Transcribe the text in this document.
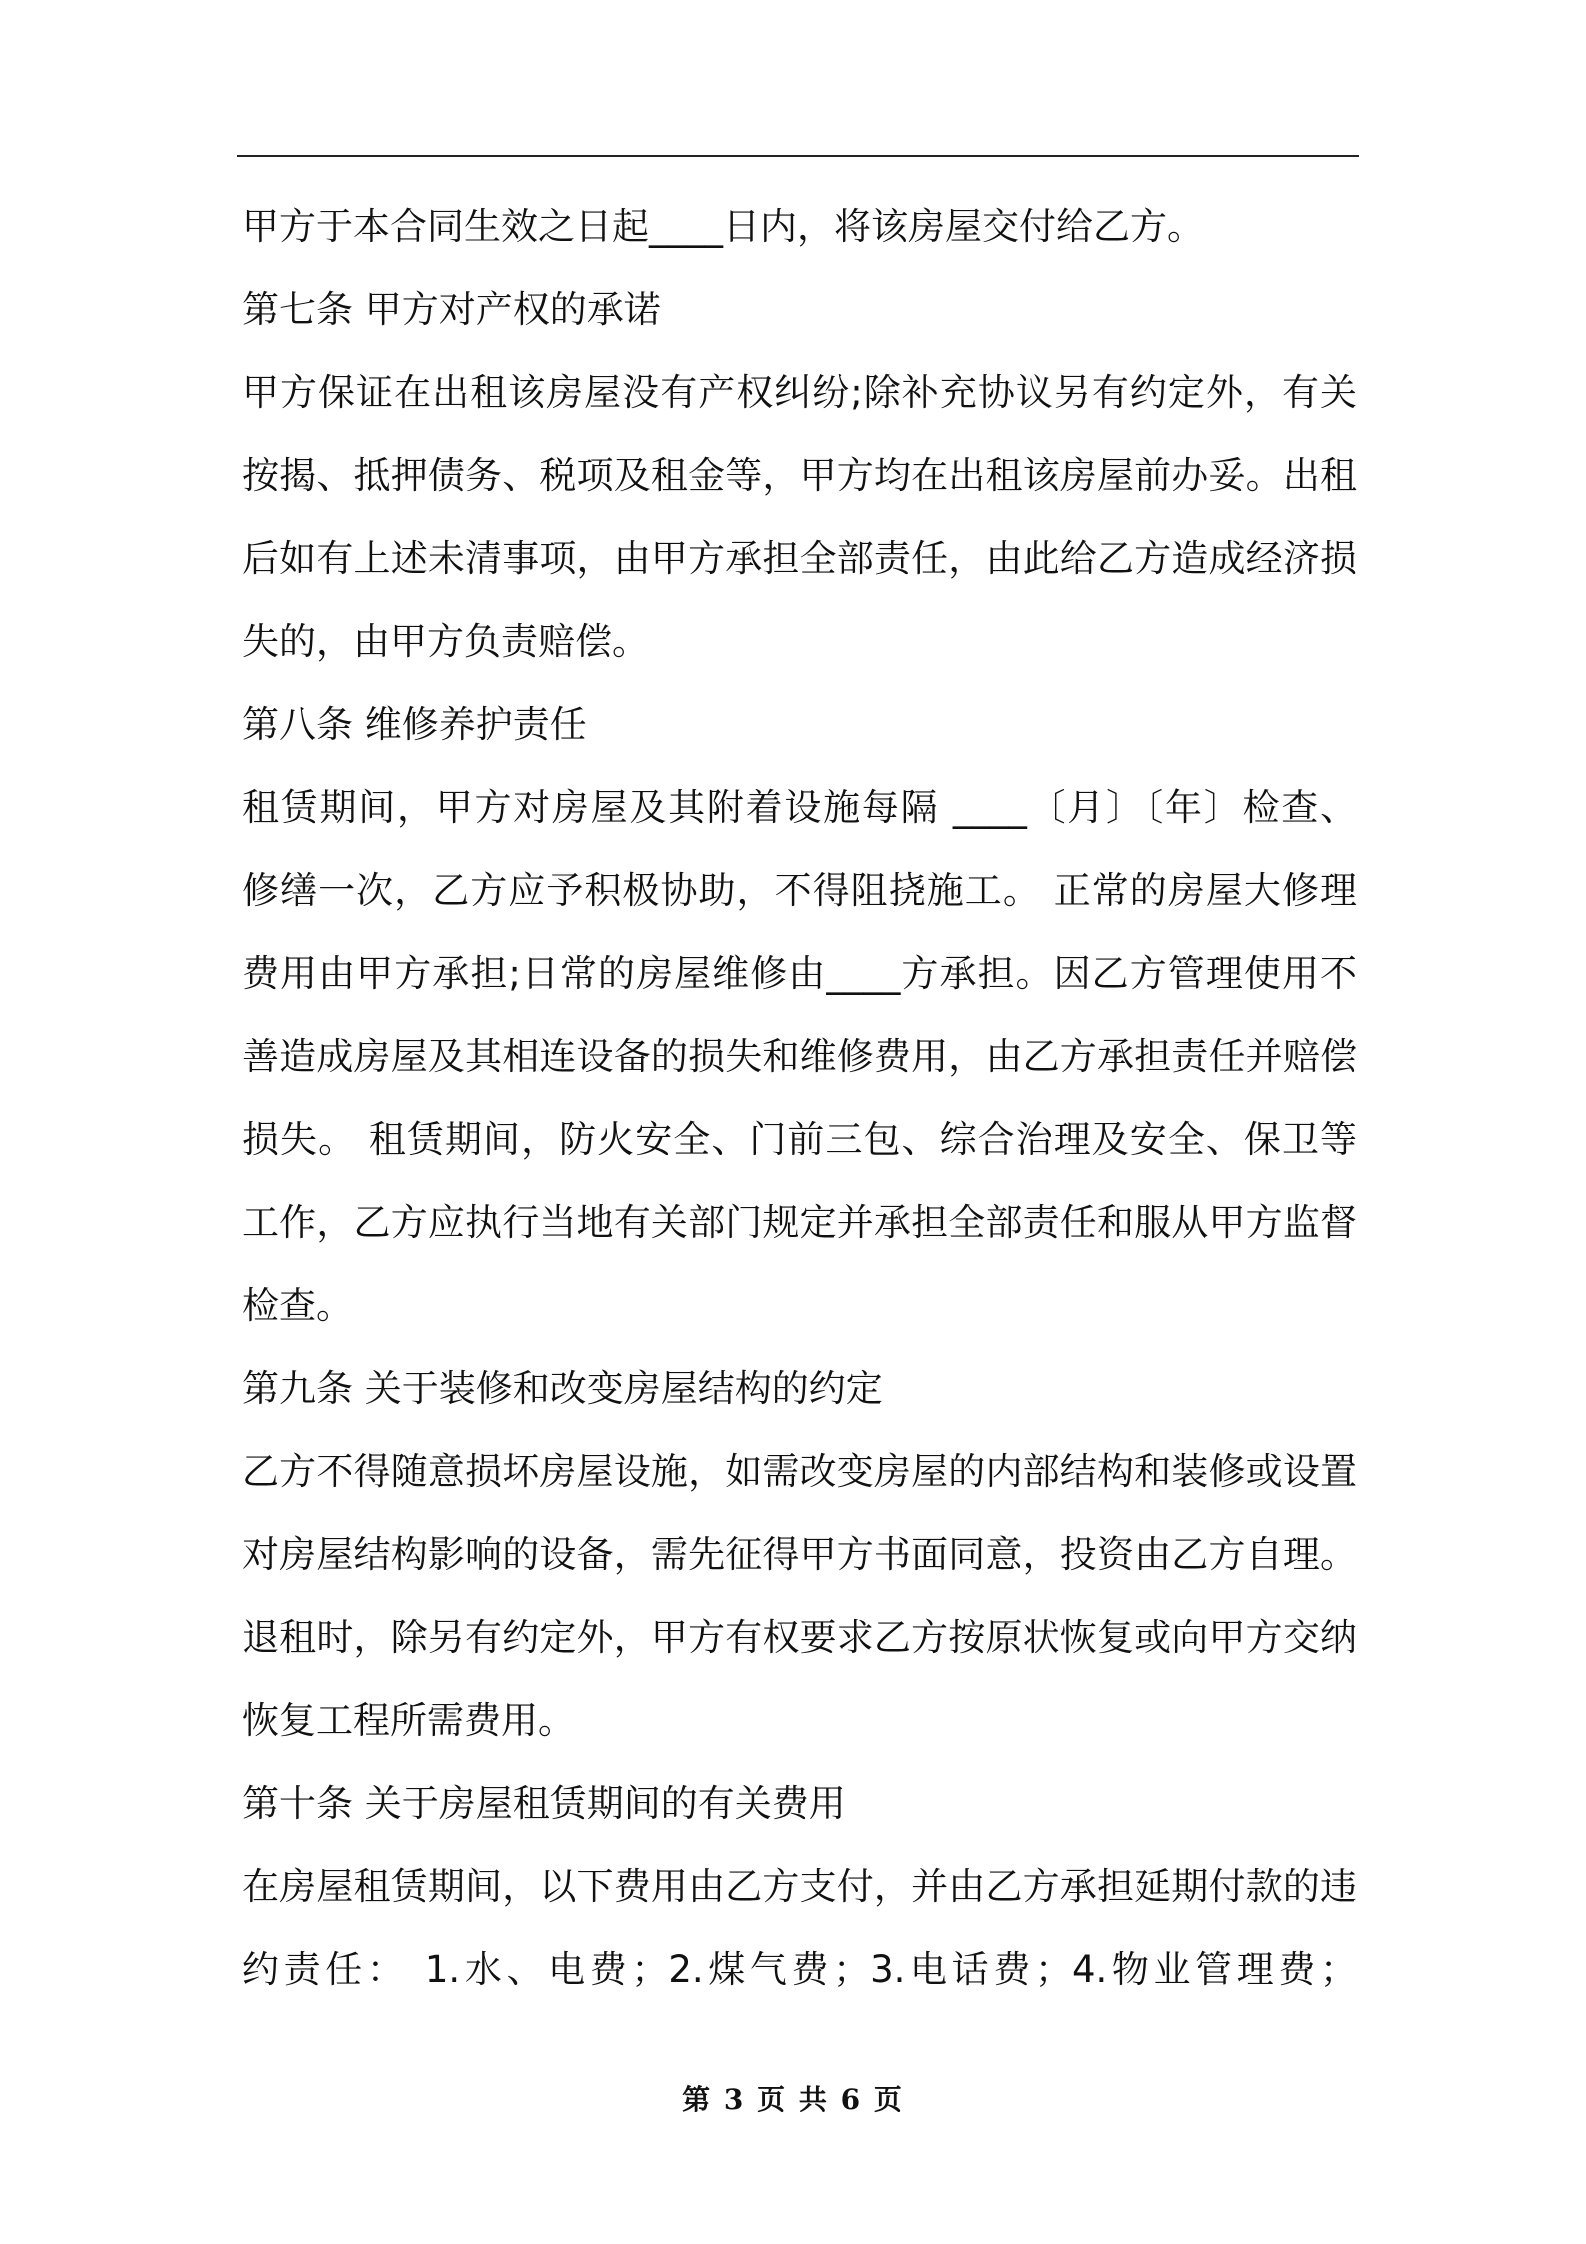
甲方于本合同生效之日起____日内，将该房屋交付给乙方。
第七条 甲方对产权的承诺
甲方保证在出租该房屋没有产权纠纷;除补充协议另有约定外，有关
按揭、抵押债务、税项及租金等，甲方均在出租该房屋前办妥。出租
后如有上述未清事项，由甲方承担全部责任，由此给乙方造成经济损
失的，由甲方负责赔偿。
第八条 维修养护责任
租赁期间，甲方对房屋及其附着设施每隔 ____〔月〕〔年〕检查、
修缮一次，乙方应予积极协助，不得阻挠施工。 正常的房屋大修理
费用由甲方承担;日常的房屋维修由____方承担。因乙方管理使用不
善造成房屋及其相连设备的损失和维修费用，由乙方承担责任并赔偿
损失。 租赁期间，防火安全、门前三包、综合治理及安全、保卫等
工作，乙方应执行当地有关部门规定并承担全部责任和服从甲方监督
检查。
第九条 关于装修和改变房屋结构的约定
乙方不得随意损坏房屋设施，如需改变房屋的内部结构和装修或设置
对房屋结构影响的设备，需先征得甲方书面同意，投资由乙方自理。
退租时，除另有约定外，甲方有权要求乙方按原状恢复或向甲方交纳
恢复工程所需费用。
第十条 关于房屋租赁期间的有关费用
在房屋租赁期间，以下费用由乙方支付，并由乙方承担延期付款的违
约责任： 1.水、电费；2.煤气费；3.电话费；4.物业管理费；
第 3 页 共 6 页
